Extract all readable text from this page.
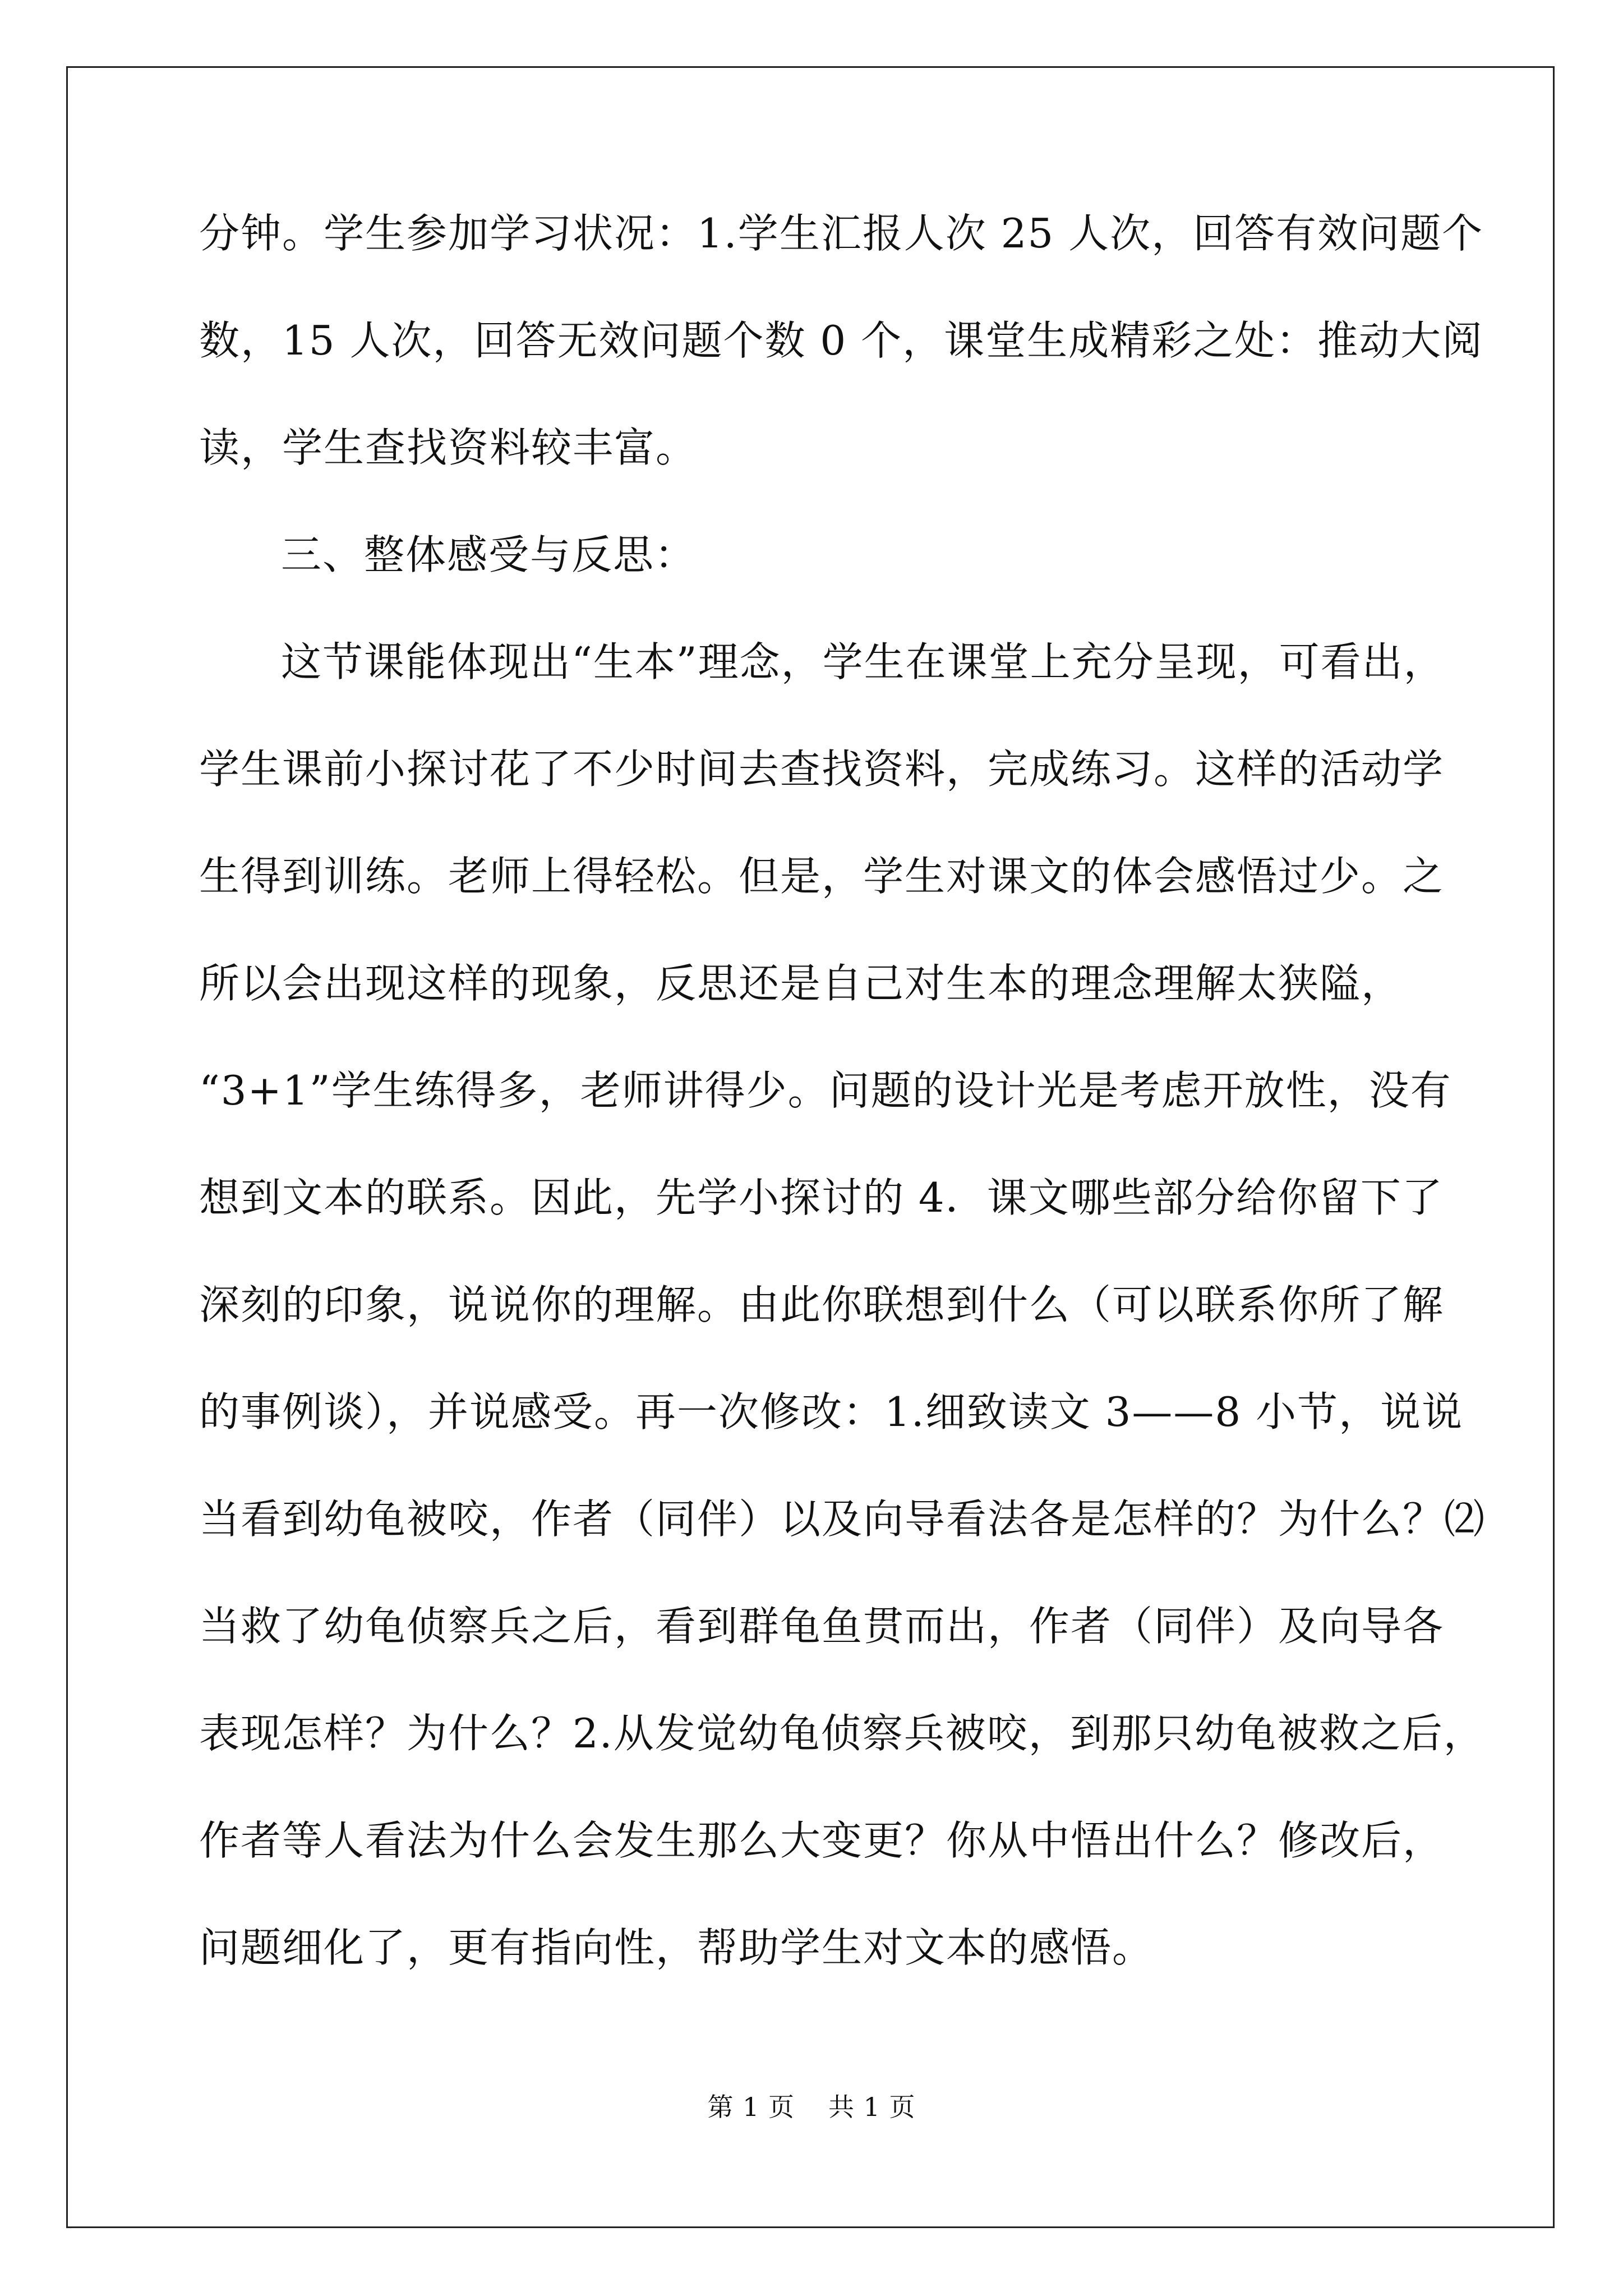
分钟。学生参加学习状况：1.学生汇报人次 25 人次，回答有效问题个
数，15 人次，回答无效问题个数 0 个，课堂生成精彩之处：推动大阅
读，学生查找资料较丰富。
三、整体感受与反思：
这节课能体现出“生本”理念，学生在课堂上充分呈现，可看出，
学生课前小探讨花了不少时间去查找资料，完成练习。这样的活动学
生得到训练。老师上得轻松。但是，学生对课文的体会感悟过少。之
所以会出现这样的现象，反思还是自己对生本的理念理解太狭隘，
“3+1”学生练得多，老师讲得少。问题的设计光是考虑开放性，没有
想到文本的联系。因此，先学小探讨的 4．课文哪些部分给你留下了
深刻的印象，说说你的理解。由此你联想到什么（可以联系你所了解
的事例谈），并说感受。再一次修改：1.细致读文 3——8 小节，说说
当看到幼龟被咬，作者（同伴）以及向导看法各是怎样的？为什么？⑵
当救了幼龟侦察兵之后，看到群龟鱼贯而出，作者（同伴）及向导各
表现怎样？为什么？2.从发觉幼龟侦察兵被咬，到那只幼龟被救之后，
作者等人看法为什么会发生那么大变更？你从中悟出什么？修改后，
问题细化了，更有指向性，帮助学生对文本的感悟。
第 1 页 共 1 页
